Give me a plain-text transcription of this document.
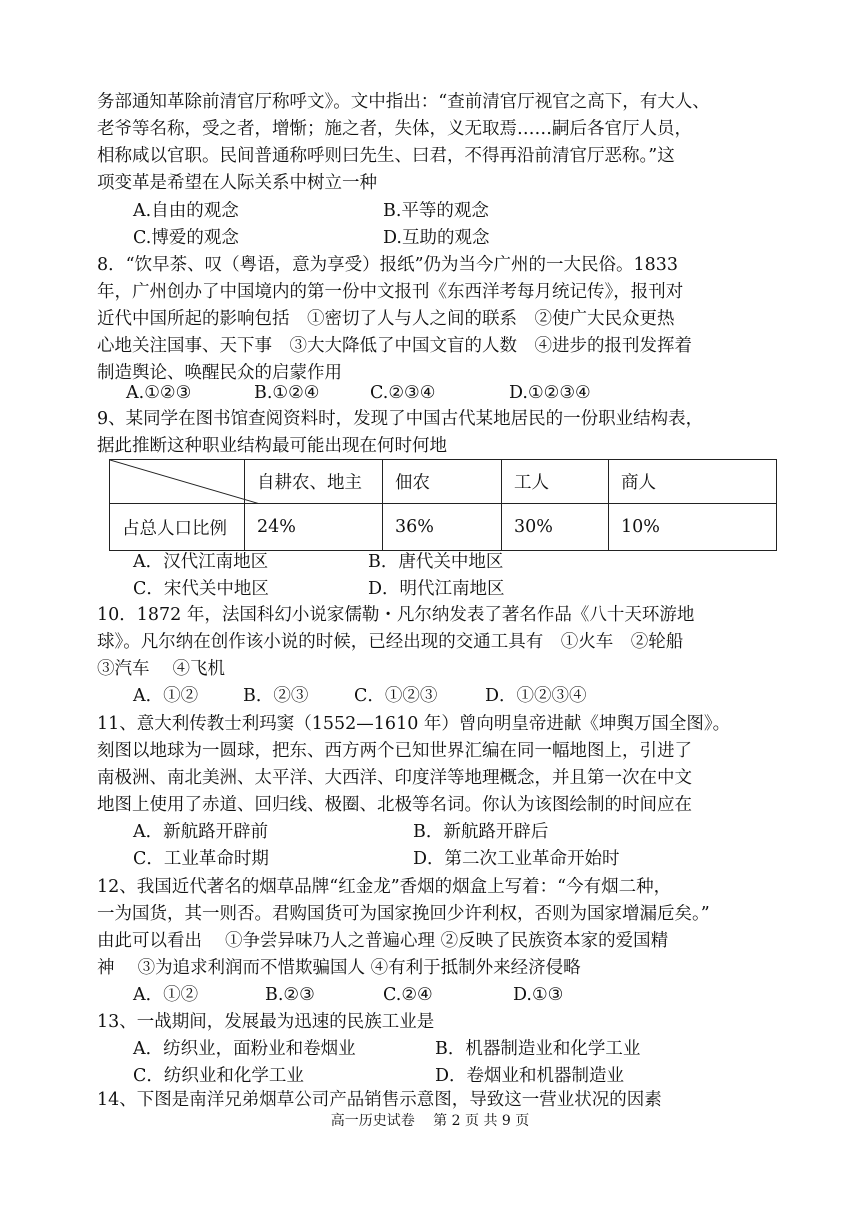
务部通知革除前清官厅称呼文》。文中指出：“查前清官厅视官之高下，有大人、
老爷等名称，受之者，增惭；施之者，失体，义无取焉……嗣后各官厅人员，
相称咸以官职。民间普通称呼则曰先生、曰君，不得再沿前清官厅恶称。”这
项变革是希望在人际关系中树立一种
A.自由的观念	B.平等的观念
C.博爱的观念	D.互助的观念
8．“饮早茶、叹（粤语，意为享受）报纸”仍为当今广州的一大民俗。1833
年，广州创办了中国境内的第一份中文报刊《东西洋考每月统记传》，报刊对
近代中国所起的影响包括　①密切了人与人之间的联系　②使广大民众更热
心地关注国事、天下事　③大大降低了中国文盲的人数　④进步的报刊发挥着
制造舆论、唤醒民众的启蒙作用
A.①②③	B.①②④	C.②③④	D.①②③④
9、某同学在图书馆查阅资料时，发现了中国古代某地居民的一份职业结构表，
据此推断这种职业结构最可能出现在何时何地
	自耕农、地主	佃农	工人	商人
占总人口比例	24%	36%	30%	10%
A．汉代江南地区	B．唐代关中地区
C．宋代关中地区	D．明代江南地区
10．1872 年，法国科幻小说家儒勒・凡尔纳发表了著名作品《八十天环游地
球》。凡尔纳在创作该小说的时候，已经出现的交通工具有　①火车　②轮船
③汽车　 ④飞机
A．①②	B．②③	C．①②③	D．①②③④
11、意大利传教士利玛窦（1552—1610 年）曾向明皇帝进献《坤舆万国全图》。
刻图以地球为一圆球，把东、西方两个已知世界汇编在同一幅地图上，引进了
南极洲、南北美洲、太平洋、大西洋、印度洋等地理概念，并且第一次在中文
地图上使用了赤道、回归线、极圈、北极等名词。你认为该图绘制的时间应在
A．新航路开辟前	B．新航路开辟后
C．工业革命时期	D．第二次工业革命开始时
12、我国近代著名的烟草品牌“红金龙”香烟的烟盒上写着：“今有烟二种，
一为国货，其一则否。君购国货可为国家挽回少许利权，否则为国家增漏卮矣。”
由此可以看出　 ①争尝异味乃人之普遍心理 ②反映了民族资本家的爱国精
神　 ③为追求利润而不惜欺骗国人 ④有利于抵制外来经济侵略
A．①②	B.②③	C.②④	D.①③
13、一战期间，发展最为迅速的民族工业是
A．纺织业，面粉业和卷烟业	B．机器制造业和化学工业
C．纺织业和化学工业	D．卷烟业和机器制造业
14、下图是南洋兄弟烟草公司产品销售示意图，导致这一营业状况的因素
高一历史试卷　 第 2 页 共 9 页
